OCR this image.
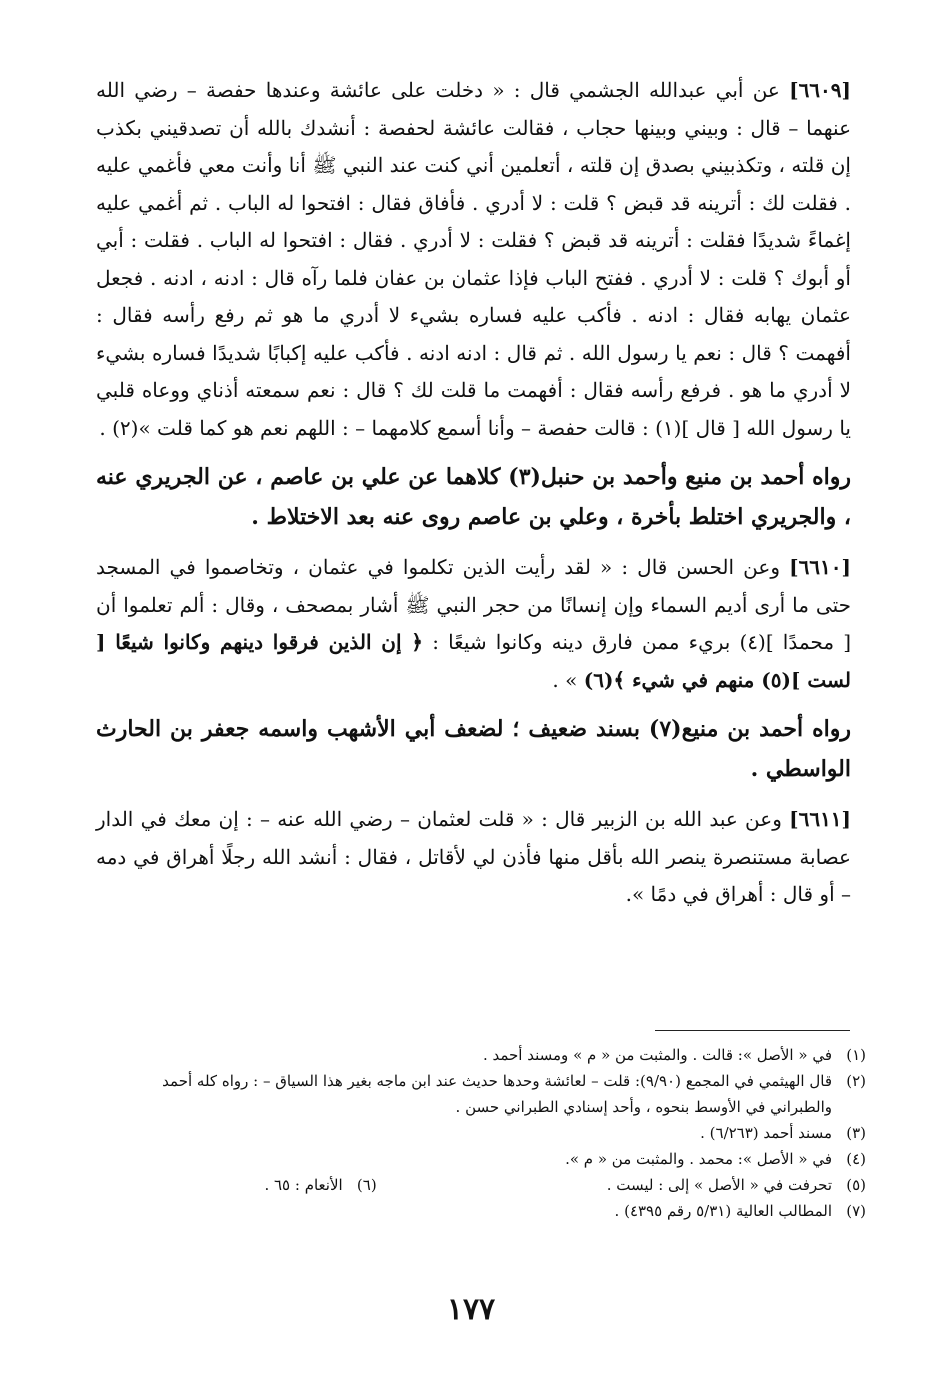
[٦٦٠٩] عن أبي عبدالله الجشمي قال : « دخلت على عائشة وعندها حفصة – رضي الله عنهما – قال : وبيني وبينها حجاب ، فقالت عائشة لحفصة : أنشدك بالله أن تصدقيني بكذب إن قلته ، وتكذبيني بصدق إن قلته ، أتعلمين أني كنت عند النبي ﷺ أنا وأنت معي فأغمي عليه . فقلت لك : أترينه قد قبض ؟ قلت : لا أدري . فأفاق فقال : افتحوا له الباب . ثم أغمي عليه إغماءً شديدًا فقلت : أترينه قد قبض ؟ فقلت : لا أدري . فقال : افتحوا له الباب . فقلت : أبي أو أبوك ؟ قلت : لا أدري . ففتح الباب فإذا عثمان بن عفان فلما رآه قال : ادنه ، ادنه . فجعل عثمان يهابه فقال : ادنه . فأكب عليه فساره بشيء لا أدري ما هو ثم رفع رأسه فقال : أفهمت ؟ قال : نعم يا رسول الله . ثم قال : ادنه ادنه . فأكب عليه إكبابًا شديدًا فساره بشيء لا أدري ما هو . فرفع رأسه فقال : أفهمت ما قلت لك ؟ قال : نعم سمعته أذناي ووعاه قلبي يا رسول الله [ قال ](١) : قالت حفصة – وأنا أسمع كلامهما – : اللهم نعم هو كما قلت »(٢) .

رواه أحمد بن منيع وأحمد بن حنبل(٣) كلاهما عن علي بن عاصم ، عن الجريري عنه ، والجريري اختلط بأخرة ، وعلي بن عاصم روى عنه بعد الاختلاط .

[٦٦١٠] وعن الحسن قال : « لقد رأيت الذين تكلموا في عثمان ، وتخاصموا في المسجد حتى ما أرى أديم السماء وإن إنسانًا من حجر النبي ﷺ أشار بمصحف ، وقال : ألم تعلموا أن [ محمدًا ](٤) بريء ممن فارق دينه وكانوا شيعًا : ﴿ إن الذين فرقوا دينهم وكانوا شيعًا [ لست ](٥) منهم في شيء ﴾(٦) » .

رواه أحمد بن منيع(٧) بسند ضعيف ؛ لضعف أبي الأشهب واسمه جعفر بن الحارث الواسطي .

[٦٦١١] وعن عبد الله بن الزبير قال : « قلت لعثمان – رضي الله عنه – : إن معك في الدار عصابة مستنصرة ينصر الله بأقل منها فأذن لي لأقاتل ، فقال : أنشد الله رجلًا أهراق في دمه – أو قال : أهراق في دمًا ».

(١)
في « الأصل »: قالت . والمثبت من « م » ومسند أحمد .
(٢)
قال الهيثمي في المجمع (٩/٩٠): قلت – لعائشة وحدها حديث عند ابن ماجه بغير هذا السياق – : رواه كله أحمد والطبراني في الأوسط بنحوه ، وأحد إسنادي الطبراني حسن .
(٣)
مسند أحمد (٦/٢٦٣) .
(٤)
في « الأصل »: محمد . والمثبت من « م ».
(٥)
تحرفت في « الأصل » إلى : ليست .
(٦)
الأنعام : ٦٥ .
(٧)
المطالب العالية (٥/٣١ رقم ٤٣٩٥) .
١٧٧
